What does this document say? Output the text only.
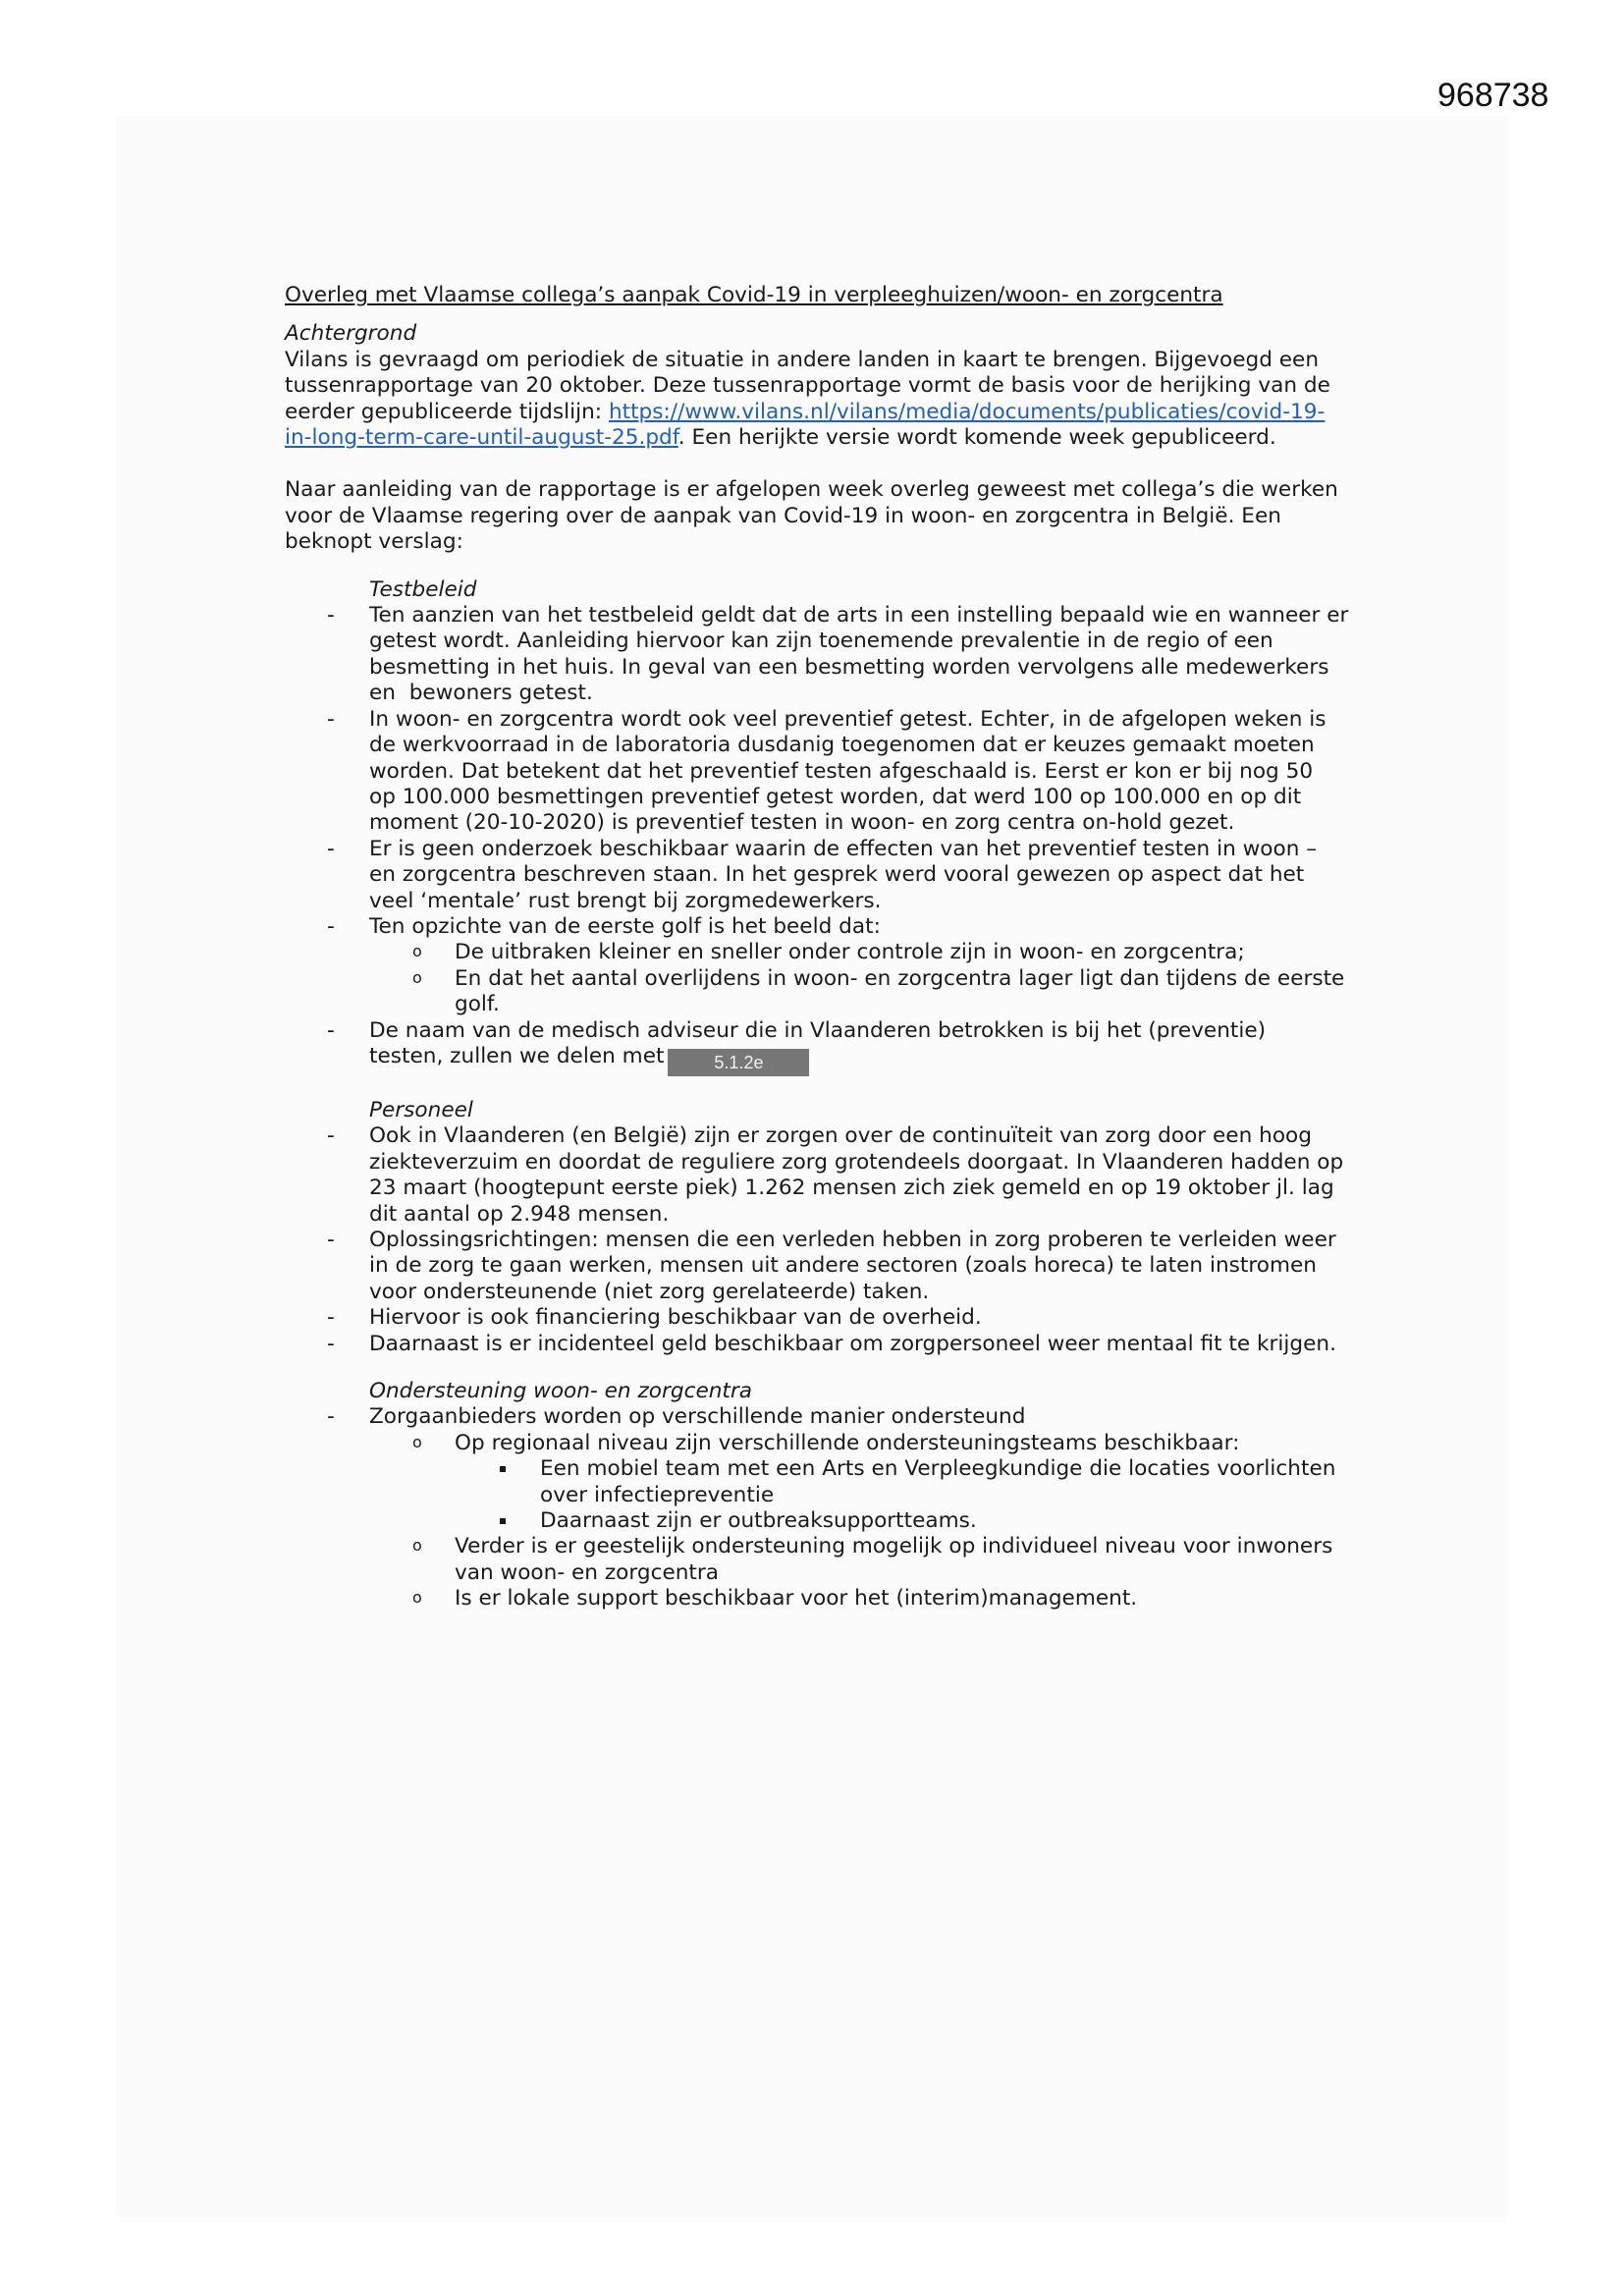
968738

Overleg met Vlaamse collega’s aanpak Covid-19 in verpleeghuizen/woon- en zorgcentra

Achtergrond

Vilans is gevraagd om periodiek de situatie in andere landen in kaart te brengen. Bijgevoegd een

tussenrapportage van 20 oktober. Deze tussenrapportage vormt de basis voor de herijking van de

eerder gepubliceerde tijdslijn: https://www.vilans.nl/vilans/media/documents/publicaties/covid-19-

in-long-term-care-until-august-25.pdf. Een herijkte versie wordt komende week gepubliceerd.

Naar aanleiding van de rapportage is er afgelopen week overleg geweest met collega’s die werken

voor de Vlaamse regering over de aanpak van Covid-19 in woon- en zorgcentra in België. Een

beknopt verslag:

Testbeleid

- Ten aanzien van het testbeleid geldt dat de arts in een instelling bepaald wie en wanneer er

getest wordt. Aanleiding hiervoor kan zijn toenemende prevalentie in de regio of een

besmetting in het huis. In geval van een besmetting worden vervolgens alle medewerkers

en  bewoners getest.

- In woon- en zorgcentra wordt ook veel preventief getest. Echter, in de afgelopen weken is

de werkvoorraad in de laboratoria dusdanig toegenomen dat er keuzes gemaakt moeten

worden. Dat betekent dat het preventief testen afgeschaald is. Eerst er kon er bij nog 50

op 100.000 besmettingen preventief getest worden, dat werd 100 op 100.000 en op dit

moment (20-10-2020) is preventief testen in woon- en zorg centra on-hold gezet.

- Er is geen onderzoek beschikbaar waarin de effecten van het preventief testen in woon –

en zorgcentra beschreven staan. In het gesprek werd vooral gewezen op aspect dat het

veel ‘mentale’ rust brengt bij zorgmedewerkers.

- Ten opzichte van de eerste golf is het beeld dat:

o De uitbraken kleiner en sneller onder controle zijn in woon- en zorgcentra;

o En dat het aantal overlijdens in woon- en zorgcentra lager ligt dan tijdens de eerste

golf.

- De naam van de medisch adviseur die in Vlaanderen betrokken is bij het (preventie)

testen, zullen we delen met	5.1.2e

Personeel

- Ook in Vlaanderen (en België) zijn er zorgen over de continuïteit van zorg door een hoog

ziekteverzuim en doordat de reguliere zorg grotendeels doorgaat. In Vlaanderen hadden op

23 maart (hoogtepunt eerste piek) 1.262 mensen zich ziek gemeld en op 19 oktober jl. lag

dit aantal op 2.948 mensen.

- Oplossingsrichtingen: mensen die een verleden hebben in zorg proberen te verleiden weer

in de zorg te gaan werken, mensen uit andere sectoren (zoals horeca) te laten instromen

voor ondersteunende (niet zorg gerelateerde) taken.

- Hiervoor is ook financiering beschikbaar van de overheid.

- Daarnaast is er incidenteel geld beschikbaar om zorgpersoneel weer mentaal fit te krijgen.

Ondersteuning woon- en zorgcentra

- Zorgaanbieders worden op verschillende manier ondersteund

o Op regionaal niveau zijn verschillende ondersteuningsteams beschikbaar:

Een mobiel team met een Arts en Verpleegkundige die locaties voorlichten

over infectiepreventie

Daarnaast zijn er outbreaksupportteams.

o Verder is er geestelijk ondersteuning mogelijk op individueel niveau voor inwoners

van woon- en zorgcentra

o Is er lokale support beschikbaar voor het (interim)management.
